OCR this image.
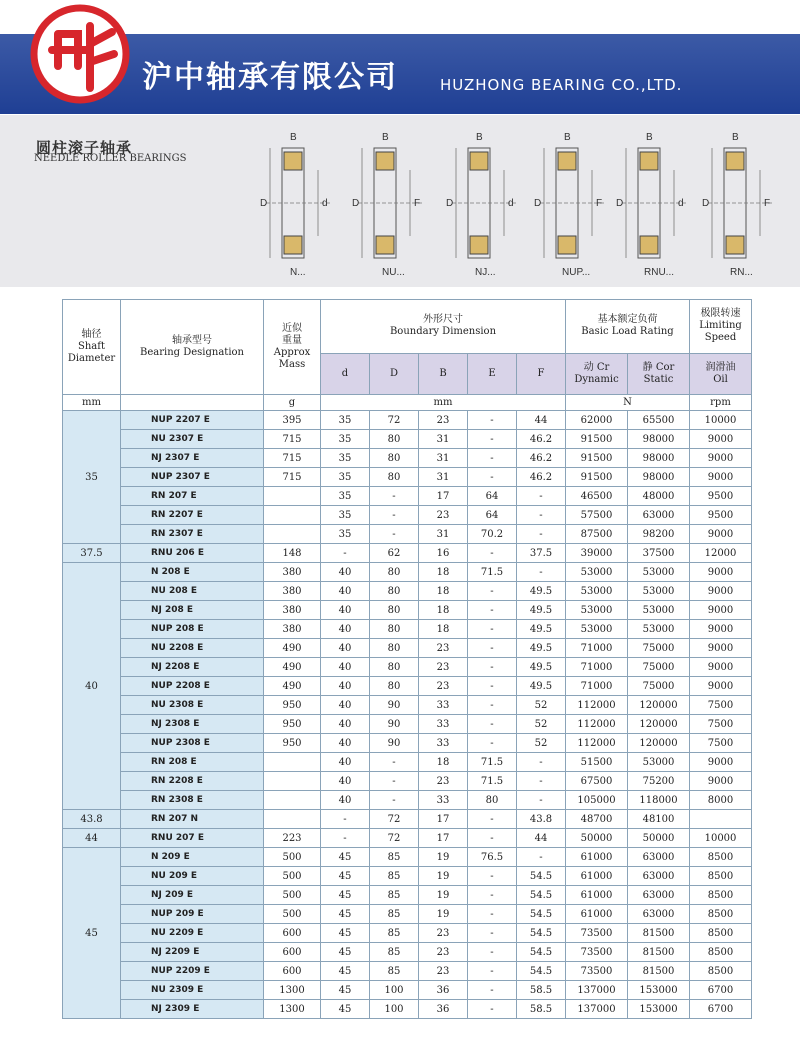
沪中轴承有限公司	HUZHONG BEARING CO.,LTD.
圆柱滚子轴承
NEEDLE ROLLER BEARINGS
B
D	d
B
D	F
B
D	d
B
D	F
B
D	d
B
D	F
N...	NU...	NJ...	NUP...	RNU...	RN...
轴径
Shaft
Diameter	轴承型号
Bearing Designation	近似
重量
Approx
Mass	外形尺寸
Boundary Dimension					基本额定负荷
Basic Load Rating		极限转速
Limiting
Speed
			d	D	B	E	F	动 Cr
Dynamic	静 Cor
Static	润滑油
Oil
mm		g	mm					N		rpm
35	NUP 2207 E	395	35	72	23	-	44	62000	65500	10000
	NU 2307 E	715	35	80	31	-	46.2	91500	98000	9000
	NJ 2307 E	715	35	80	31	-	46.2	91500	98000	9000
	NUP 2307 E	715	35	80	31	-	46.2	91500	98000	9000
	RN 207 E		35	-	17	64	-	46500	48000	9500
	RN 2207 E		35	-	23	64	-	57500	63000	9500
	RN 2307 E		35	-	31	70.2	-	87500	98200	9000
37.5	RNU 206 E	148	-	62	16	-	37.5	39000	37500	12000
40	N 208 E	380	40	80	18	71.5	-	53000	53000	9000
	NU 208 E	380	40	80	18	-	49.5	53000	53000	9000
	NJ 208 E	380	40	80	18	-	49.5	53000	53000	9000
	NUP 208 E	380	40	80	18	-	49.5	53000	53000	9000
	NU 2208 E	490	40	80	23	-	49.5	71000	75000	9000
	NJ 2208 E	490	40	80	23	-	49.5	71000	75000	9000
	NUP 2208 E	490	40	80	23	-	49.5	71000	75000	9000
	NU 2308 E	950	40	90	33	-	52	112000	120000	7500
	NJ 2308 E	950	40	90	33	-	52	112000	120000	7500
	NUP 2308 E	950	40	90	33	-	52	112000	120000	7500
	RN 208 E		40	-	18	71.5	-	51500	53000	9000
	RN 2208 E		40	-	23	71.5	-	67500	75200	9000
	RN 2308 E		40	-	33	80	-	105000	118000	8000
43.8	RN 207 N		-	72	17	-	43.8	48700	48100	
44	RNU 207 E	223	-	72	17	-	44	50000	50000	10000
45	N 209 E	500	45	85	19	76.5	-	61000	63000	8500
	NU 209 E	500	45	85	19	-	54.5	61000	63000	8500
	NJ 209 E	500	45	85	19	-	54.5	61000	63000	8500
	NUP 209 E	500	45	85	19	-	54.5	61000	63000	8500
	NU 2209 E	600	45	85	23	-	54.5	73500	81500	8500
	NJ 2209 E	600	45	85	23	-	54.5	73500	81500	8500
	NUP 2209 E	600	45	85	23	-	54.5	73500	81500	8500
	NU 2309 E	1300	45	100	36	-	58.5	137000	153000	6700
	NJ 2309 E	1300	45	100	36	-	58.5	137000	153000	6700
